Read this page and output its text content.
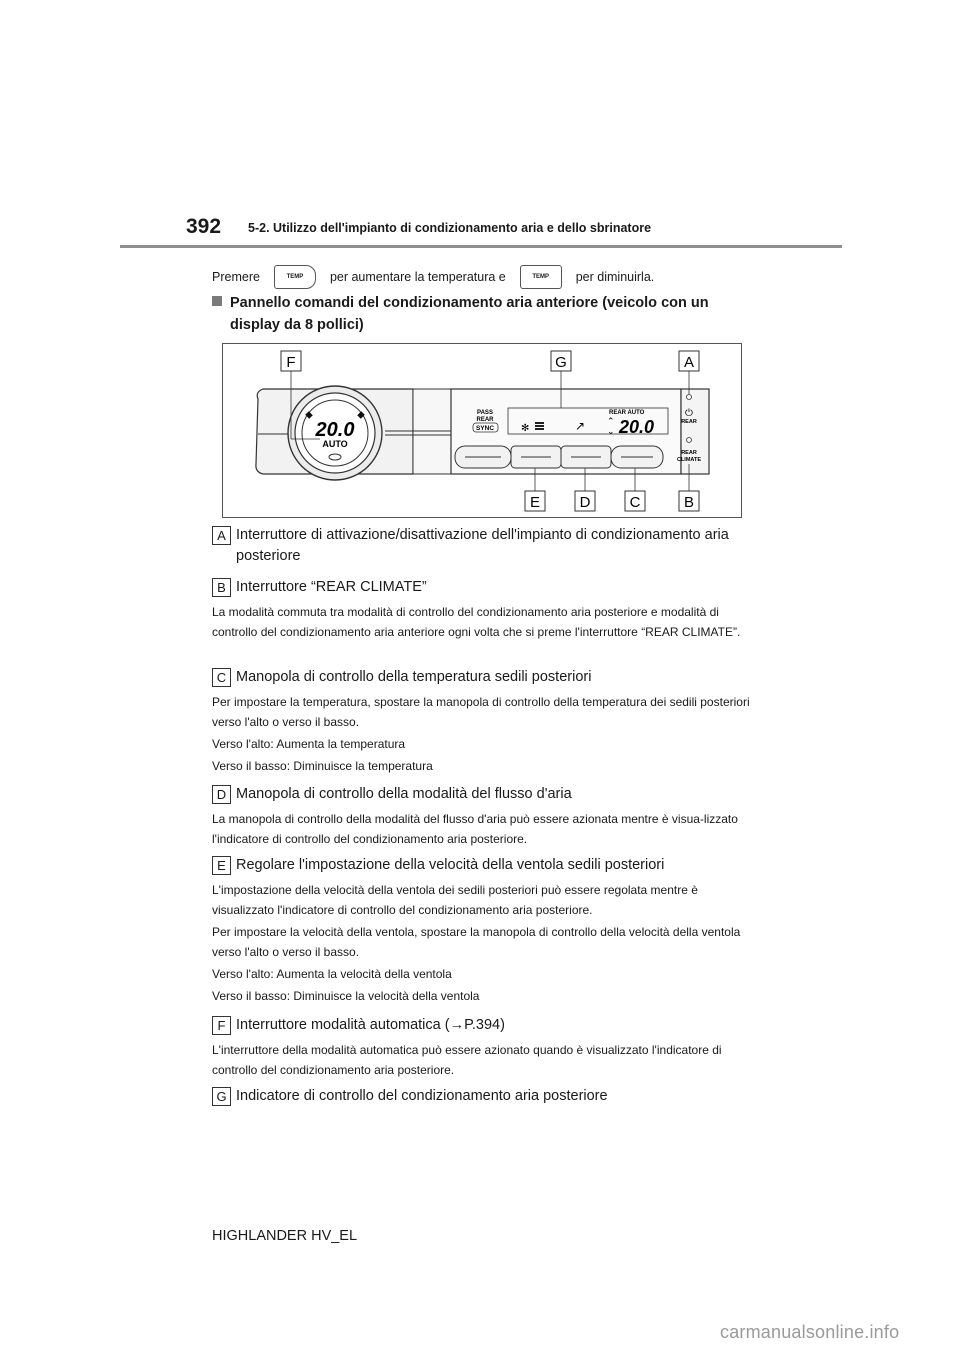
392 5-2. Utilizzo dell'impianto di condizionamento aria e dello sbrinatore
Premere	TEMP	per aumentare la temperatura e	TEMP	per diminuirla.
Pannello comandi del condizionamento aria anteriore (veicolo con un
display da 8 pollici)
20.0
AUTO
PASS
REAR
SYNC	✻	↗
REAR AUTO
⌃
⌄ 20.0
⏻
REAR
REAR
CLIMATE
F	G	A
E	D	C	B
A Interruttore di attivazione/disattivazione dell'impianto di condizionamento aria
posteriore
B Interruttore “REAR CLIMATE”

La modalità commuta tra modalità di controllo del condizionamento aria posteriore e modalità di controllo del condizionamento aria anteriore ogni volta che si preme l'interruttore “REAR CLIMATE”.

C Manopola di controllo della temperatura sedili posteriori

Per impostare la temperatura, spostare la manopola di controllo della temperatura dei sedili posteriori verso l'alto o verso il basso.

Verso l'alto: Aumenta la temperatura

Verso il basso: Diminuisce la temperatura

D Manopola di controllo della modalità del flusso d'aria

La manopola di controllo della modalità del flusso d'aria può essere azionata mentre è visua-lizzato l'indicatore di controllo del condizionamento aria posteriore.

E Regolare l'impostazione della velocità della ventola sedili posteriori

L'impostazione della velocità della ventola dei sedili posteriori può essere regolata mentre è visualizzato l'indicatore di controllo del condizionamento aria posteriore.

Per impostare la velocità della ventola, spostare la manopola di controllo della velocità della ventola verso l'alto o verso il basso.

Verso l'alto: Aumenta la velocità della ventola

Verso il basso: Diminuisce la velocità della ventola

F Interruttore modalità automatica (→P.394)

L'interruttore della modalità automatica può essere azionato quando è visualizzato l'indicatore di controllo del condizionamento aria posteriore.

G Indicatore di controllo del condizionamento aria posteriore
HIGHLANDER HV_EL
carmanualsonline.info
